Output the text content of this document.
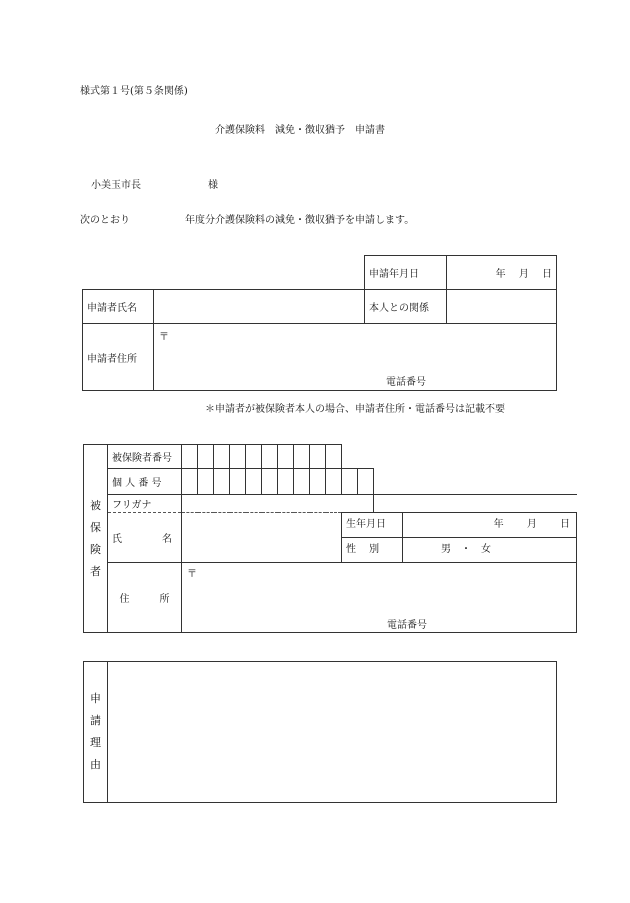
様式第１号(第５条関係)
介護保険料　減免・徴収猶予　申請書
小美玉市長	様
次のとおり	年度分介護保険料の減免・徴収猶予を申請します。
		申請年月日	年　 月　 日
申請者氏名		本人との関係	
申請者住所	〒
電話番号		
＊申請者が被保険者本人の場合、申請者住所・電話番号は記載不要
被保険者	被保険者番号													
	個 人 番 号													
	フリガナ													
	氏　　　　名											生年月日 年　　 月　　 日		

												性　 別 男　・　女		

	住　　　所	〒
電話番号												
申請理由
